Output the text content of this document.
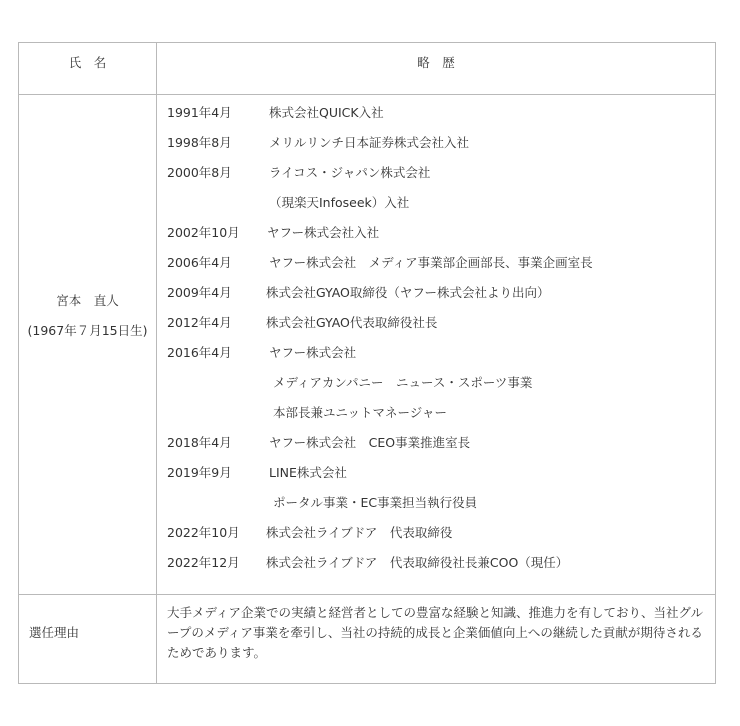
氏　名	略　歴
宮本　直人
(1967年７月15日生)
1991年4月	株式会社QUICK入社
1998年8月	メリルリンチ日本証券株式会社入社
2000年8月	ライコス・ジャパン株式会社
（現楽天Infoseek）入社
2002年10月 ヤフー株式会社入社
2006年4月	ヤフー株式会社　メディア事業部企画部長、事業企画室長
2009年4月	株式会社GYAO取締役（ヤフー株式会社より出向）
2012年4月	株式会社GYAO代表取締役社長
2016年4月	ヤフー株式会社
メディアカンパニー　ニュース・スポーツ事業
本部長兼ユニットマネージャー
2018年4月	ヤフー株式会社　CEO事業推進室長
2019年9月	LINE株式会社
ポータル事業・EC事業担当執行役員
2022年10月 株式会社ライブドア　代表取締役
2022年12月 株式会社ライブドア　代表取締役社長兼COO（現任）
選任理由
大手メディア企業での実績と経営者としての豊富な経験と知識、推進力を有しており、当社グループのメディア事業を牽引し、当社の持続的成長と企業価値向上への継続した貢献が期待されるためであります。
